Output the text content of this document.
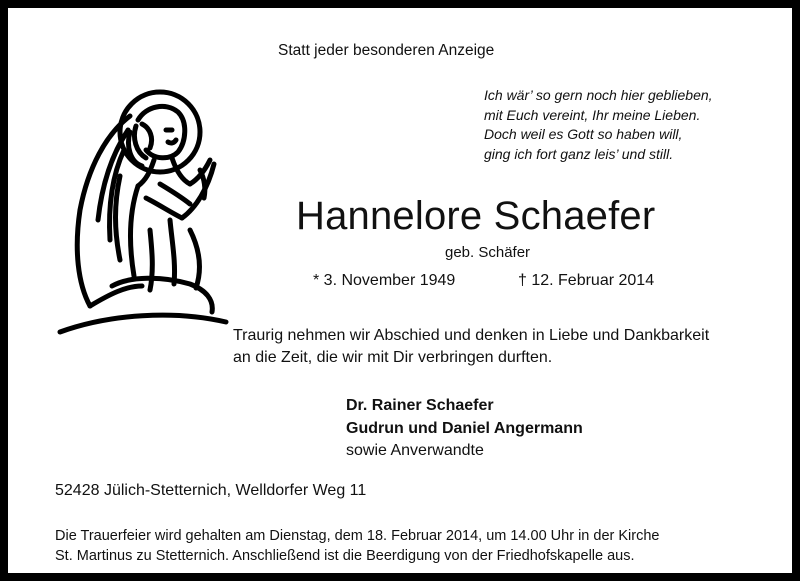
Statt jeder besonderen Anzeige
Ich wär’ so gern noch hier geblieben,
mit Euch vereint, Ihr meine Lieben.
Doch weil es Gott so haben will,
ging ich fort ganz leis’ und still.
Hannelore Schaefer
geb. Schäfer
* 3. November 1949	† 12. Februar 2014
Traurig nehmen wir Abschied und denken in Liebe und Dankbarkeit
an die Zeit, die wir mit Dir verbringen durften.
Dr. Rainer Schaefer
Gudrun und Daniel Angermann
sowie Anverwandte
52428 Jülich-Stetternich, Welldorfer Weg 11
Die Trauerfeier wird gehalten am Dienstag, dem 18. Februar 2014, um 14.00 Uhr in der Kirche
St. Martinus zu Stetternich. Anschließend ist die Beerdigung von der Friedhofskapelle aus.
